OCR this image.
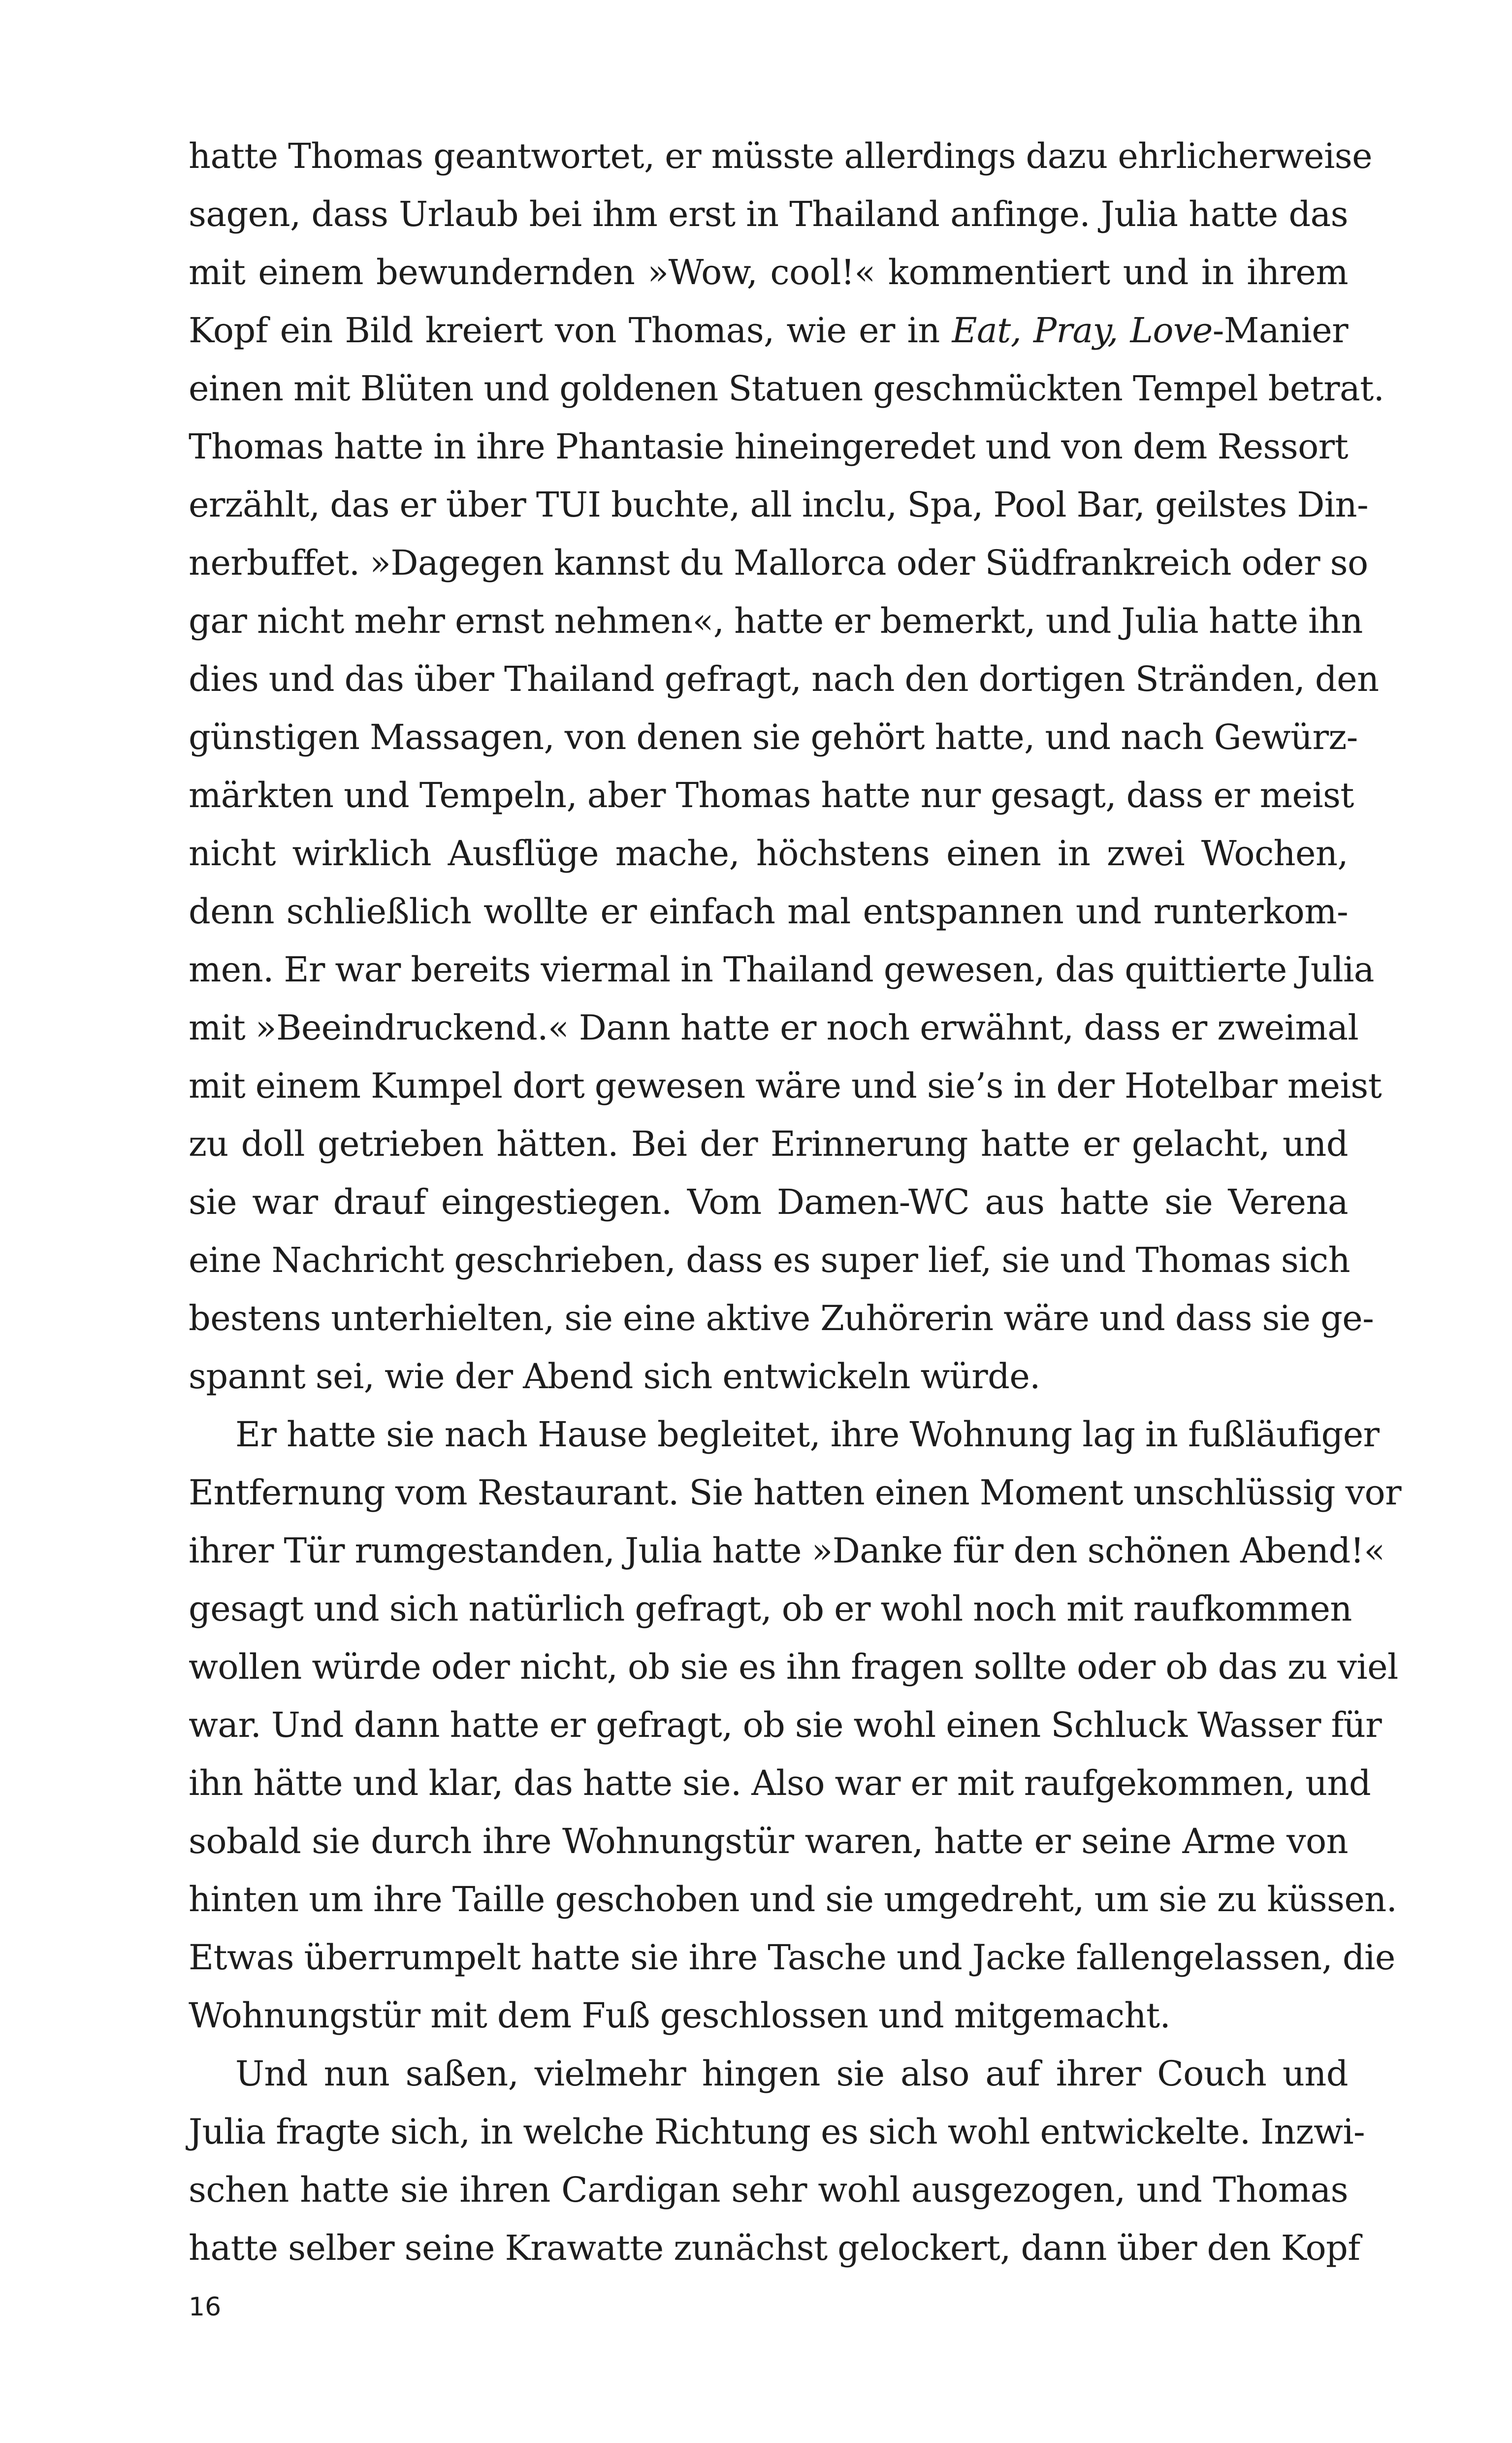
hatte Thomas geantwortet, er müsste allerdings dazu ehrlicherweise
sagen, dass Urlaub bei ihm erst in Thailand anfinge. Julia hatte das
mit einem bewundernden »Wow, cool!« kommentiert und in ihrem
Kopf ein Bild kreiert von Thomas, wie er in Eat, Pray, Love-Manier
einen mit Blüten und goldenen Statuen geschmückten Tempel betrat.
Thomas hatte in ihre Phantasie hineingeredet und von dem Ressort
erzählt, das er über TUI buchte, all inclu, Spa, Pool Bar, geilstes Din-
nerbuffet. »Dagegen kannst du Mallorca oder Südfrankreich oder so
gar nicht mehr ernst nehmen«, hatte er bemerkt, und Julia hatte ihn
dies und das über Thailand gefragt, nach den dortigen Stränden, den
günstigen Massagen, von denen sie gehört hatte, und nach Gewürz-
märkten und Tempeln, aber Thomas hatte nur gesagt, dass er meist
nicht wirklich Ausflüge mache, höchstens einen in zwei Wochen,
denn schließlich wollte er einfach mal entspannen und runterkom-
men. Er war bereits viermal in Thailand gewesen, das quittierte Julia
mit »Beeindruckend.« Dann hatte er noch erwähnt, dass er zweimal
mit einem Kumpel dort gewesen wäre und sie’s in der Hotelbar meist
zu doll getrieben hätten. Bei der Erinnerung hatte er gelacht, und
sie war drauf eingestiegen. Vom Damen-WC aus hatte sie Verena
eine Nachricht geschrieben, dass es super lief, sie und Thomas sich
bestens unterhielten, sie eine aktive Zuhörerin wäre und dass sie ge-
spannt sei, wie der Abend sich entwickeln würde.
Er hatte sie nach Hause begleitet, ihre Wohnung lag in fußläufiger
Entfernung vom Restaurant. Sie hatten einen Moment unschlüssig vor
ihrer Tür rumgestanden, Julia hatte »Danke für den schönen Abend!«
gesagt und sich natürlich gefragt, ob er wohl noch mit raufkommen
wollen würde oder nicht, ob sie es ihn fragen sollte oder ob das zu viel
war. Und dann hatte er gefragt, ob sie wohl einen Schluck Wasser für
ihn hätte und klar, das hatte sie. Also war er mit raufgekommen, und
sobald sie durch ihre Wohnungstür waren, hatte er seine Arme von
hinten um ihre Taille geschoben und sie umgedreht, um sie zu küssen.
Etwas überrumpelt hatte sie ihre Tasche und Jacke fallengelassen, die
Wohnungstür mit dem Fuß geschlossen und mitgemacht.
Und nun saßen, vielmehr hingen sie also auf ihrer Couch und
Julia fragte sich, in welche Richtung es sich wohl entwickelte. Inzwi-
schen hatte sie ihren Cardigan sehr wohl ausgezogen, und Thomas
hatte selber seine Krawatte zunächst gelockert, dann über den Kopf
16
